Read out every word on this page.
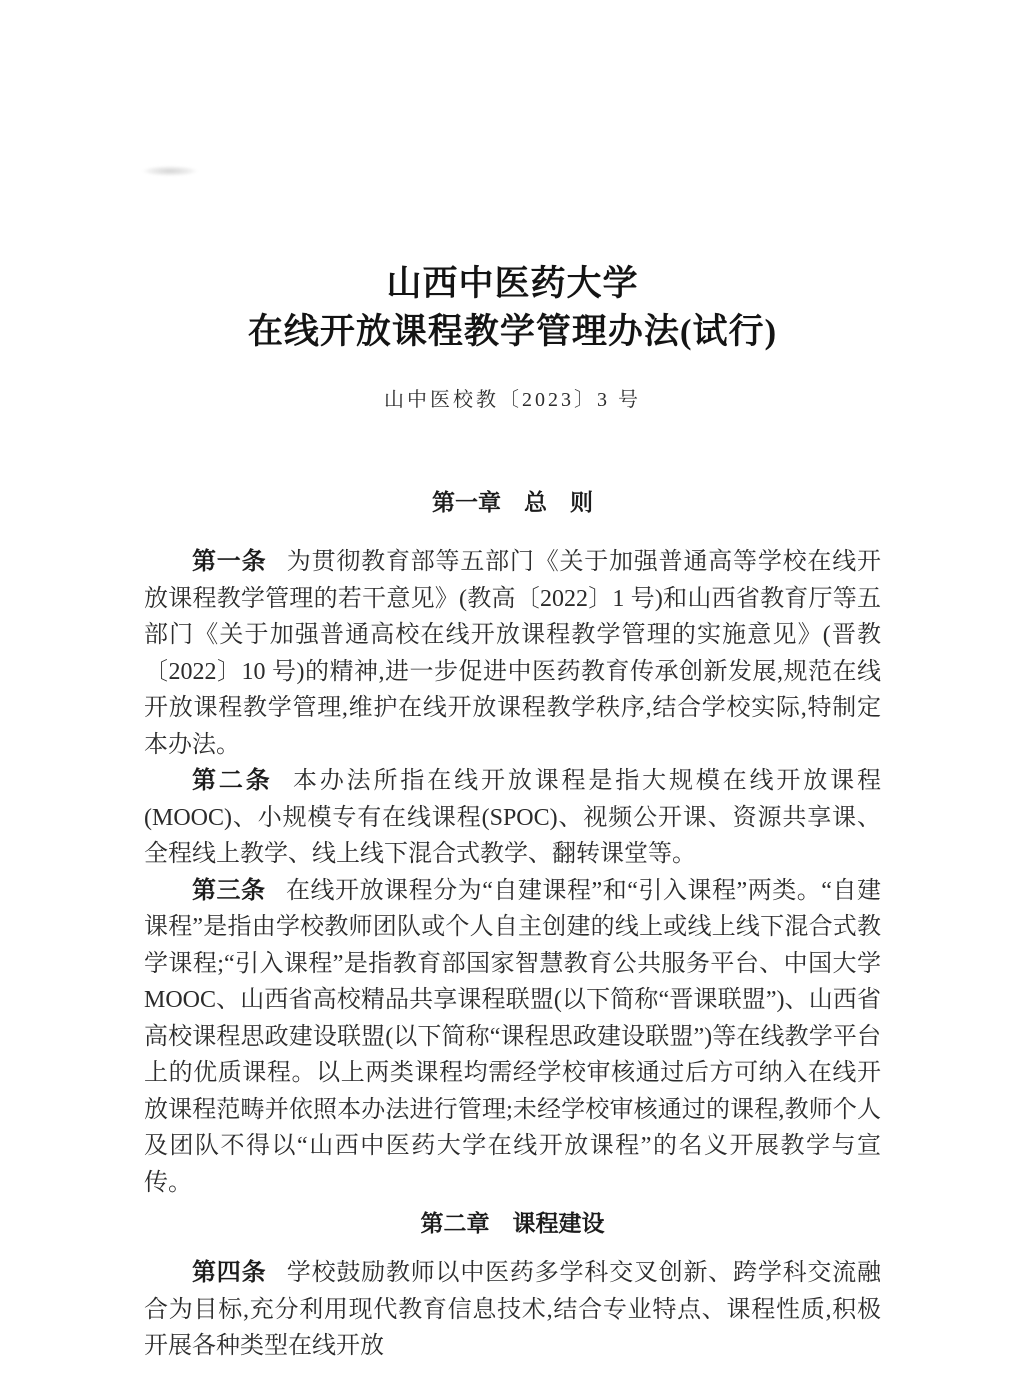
山西中医药大学
在线开放课程教学管理办法(试行)
山中医校教〔2023〕3 号
第一章　总　则

第一条 为贯彻教育部等五部门《关于加强普通高等学校在线开放课程教学管理的若干意见》(教高〔2022〕1 号)和山西省教育厅等五部门《关于加强普通高校在线开放课程教学管理的实施意见》(晋教〔2022〕10 号)的精神,进一步促进中医药教育传承创新发展,规范在线开放课程教学管理,维护在线开放课程教学秩序,结合学校实际,特制定本办法。

第二条 本办法所指在线开放课程是指大规模在线开放课程(MOOC)、小规模专有在线课程(SPOC)、视频公开课、资源共享课、全程线上教学、线上线下混合式教学、翻转课堂等。

第三条 在线开放课程分为“自建课程”和“引入课程”两类。“自建课程”是指由学校教师团队或个人自主创建的线上或线上线下混合式教学课程;“引入课程”是指教育部国家智慧教育公共服务平台、中国大学 MOOC、山西省高校精品共享课程联盟(以下简称“晋课联盟”)、山西省高校课程思政建设联盟(以下简称“课程思政建设联盟”)等在线教学平台上的优质课程。以上两类课程均需经学校审核通过后方可纳入在线开放课程范畴并依照本办法进行管理;未经学校审核通过的课程,教师个人及团队不得以“山西中医药大学在线开放课程”的名义开展教学与宣传。

第二章　课程建设

第四条 学校鼓励教师以中医药多学科交叉创新、跨学科交流融合为目标,充分利用现代教育信息技术,结合专业特点、课程性质,积极开展各种类型在线开放
